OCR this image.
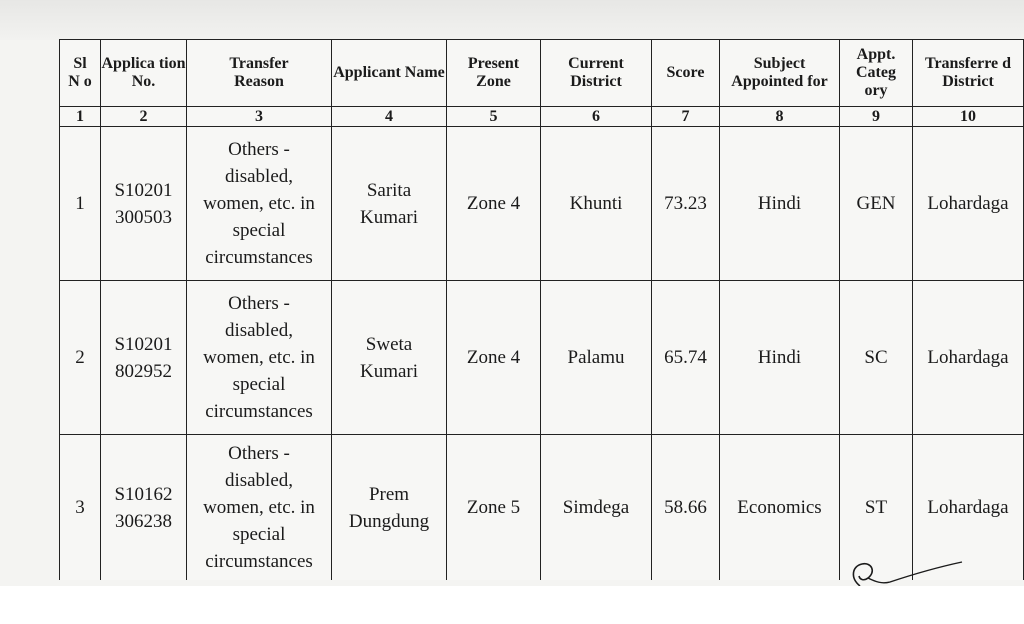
Sl N o	Applica tion No.	Transfer Reason	Applicant Name	Present Zone	Current District	Score	Subject Appointed for	Appt. Categ ory	Transferre d District
1	2	3	4	5	6	7	8	9	10
1	S10201 300503	Others - disabled, women, etc. in special circumstances	Sarita Kumari	Zone 4	Khunti	73.23	Hindi	GEN	Lohardaga
2	S10201 802952	Others - disabled, women, etc. in special circumstances	Sweta Kumari	Zone 4	Palamu	65.74	Hindi	SC	Lohardaga
3	S10162 306238	Others - disabled, women, etc. in special circumstances	Prem Dungdung	Zone 5	Simdega	58.66	Economics	ST	Lohardaga
